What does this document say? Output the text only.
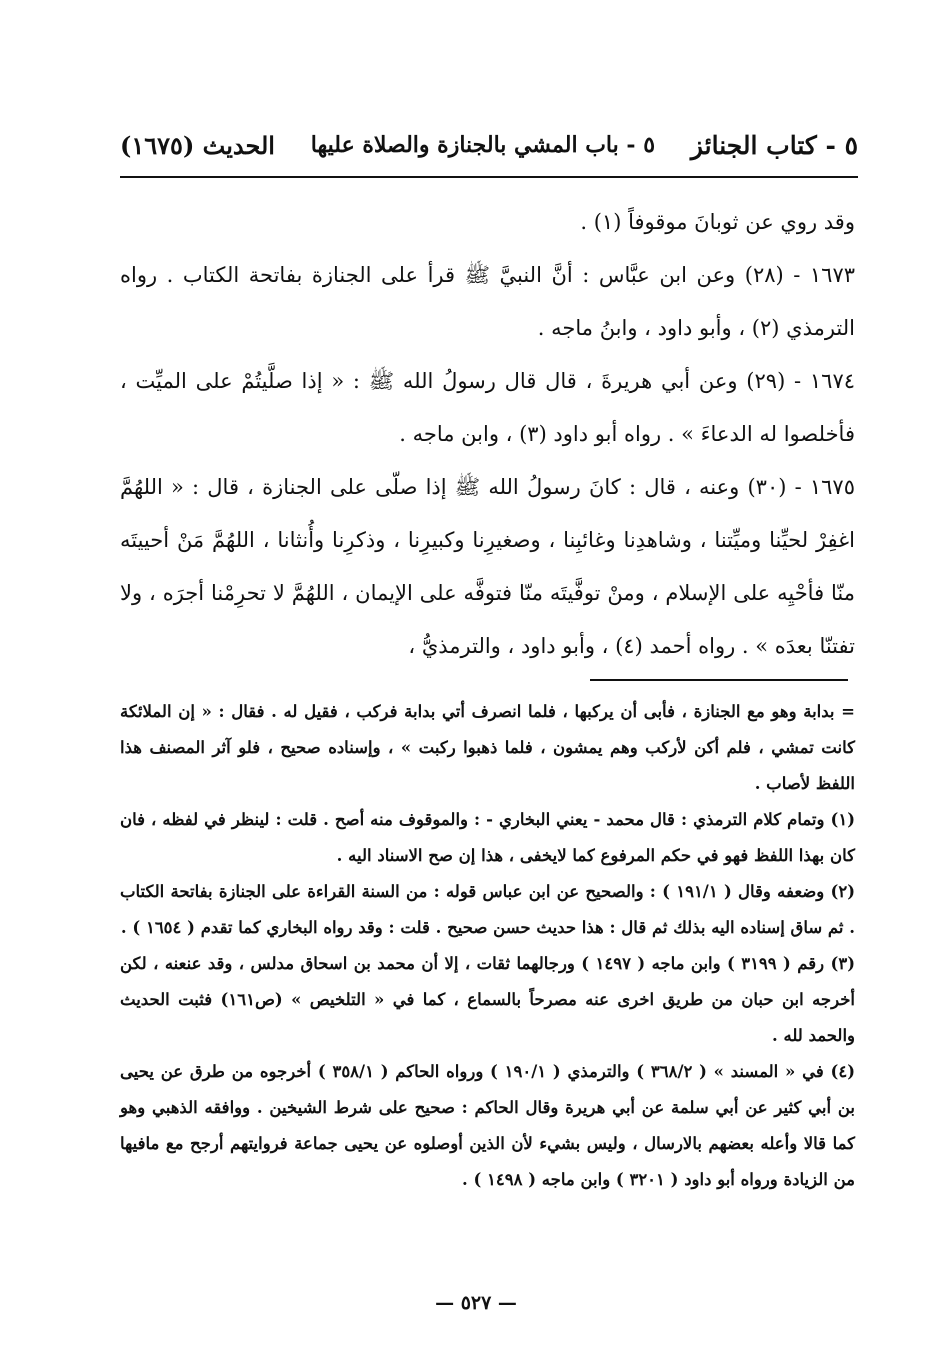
٥ - كتاب الجنائز
٥ - باب المشي بالجنازة والصلاة عليها
الحديث (١٦٧٥)

وقد روي عن ثوبانَ موقوفاً (١) .

١٦٧٣ - (٢٨) وعن ابن عبَّاس : أنَّ النبيَّ ﷺ قرأ على الجنازة بفاتحة الكتاب . رواه الترمذي (٢) ، وأبو داود ، وابنُ ماجه .

١٦٧٤ - (٢٩) وعن أبي هريرةَ ، قال قال رسولُ الله ﷺ : « إذا صلَّيتُمْ على الميِّت ، فأخلصوا له الدعاءَ » . رواه أبو داود (٣) ، وابن ماجه .

١٦٧٥ - (٣٠) وعنه ، قال : كانَ رسولُ الله ﷺ إذا صلّى على الجنازة ، قال : « اللهُمَّ اغفِرْ لحيِّنا وميِّتنا ، وشاهدِنا وغائبِنا ، وصغيرِنا وكبيرِنا ، وذكرِنا وأُنثانا ، اللهُمَّ مَنْ أحييتَه منّا فأحْيِه على الإسلام ، ومنْ توفَّيتَه منّا فتوفَّه على الإيمان ، اللهُمَّ لا تحرِمْنا أجرَه ، ولا تفتنّا بعدَه » . رواه أحمد (٤) ، وأبو داود ، والترمذيُّ ،

= بدابة وهو مع الجنازة ، فأبى أن يركبها ، فلما انصرف أتي بدابة فركب ، فقيل له . فقال : « إن الملائكة كانت تمشي ، فلم أكن لأركب وهم يمشون ، فلما ذهبوا ركبت » ، وإسناده صحيح ، فلو آثر المصنف هذا اللفظ لأصاب .

(١) وتمام كلام الترمذي : قال محمد - يعني البخاري - : والموقوف منه أصح . قلت : لينظر في لفظه ، فان كان بهذا اللفظ فهو في حكم المرفوع كما لايخفى ، هذا إن صح الاسناد اليه .

(٢) وضعفه وقال ( ١٩١/١ ) : والصحيح عن ابن عباس قوله : من السنة القراءة على الجنازة بفاتحة الكتاب . ثم ساق إسناده اليه بذلك ثم قال : هذا حديث حسن صحيح . قلت : وقد رواه البخاري كما تقدم ( ١٦٥٤ ) .

(٣) رقم ( ٣١٩٩ ) وابن ماجه ( ١٤٩٧ ) ورجالهما ثقات ، إلا أن محمد بن اسحاق مدلس ، وقد عنعنه ، لكن أخرجه ابن حبان من طريق اخرى عنه مصرحاً بالسماع ، كما في « التلخيص » (ص١٦١) فثبت الحديث والحمد لله .

(٤) في « المسند » ( ٣٦٨/٢ ) والترمذي ( ١٩٠/١ ) ورواه الحاكم ( ٣٥٨/١ ) أخرجوه من طرق عن يحيى بن أبي كثير عن أبي سلمة عن أبي هريرة وقال الحاكم : صحيح على شرط الشيخين . ووافقه الذهبي وهو كما قالا وأعله بعضهم بالارسال ، وليس بشيء لأن الذين أوصلوه عن يحيى جماعة فروايتهم أرجح مع مافيها من الزيادة ورواه أبو داود ( ٣٢٠١ ) وابن ماجه ( ١٤٩٨ ) .

— ٥٢٧ —
